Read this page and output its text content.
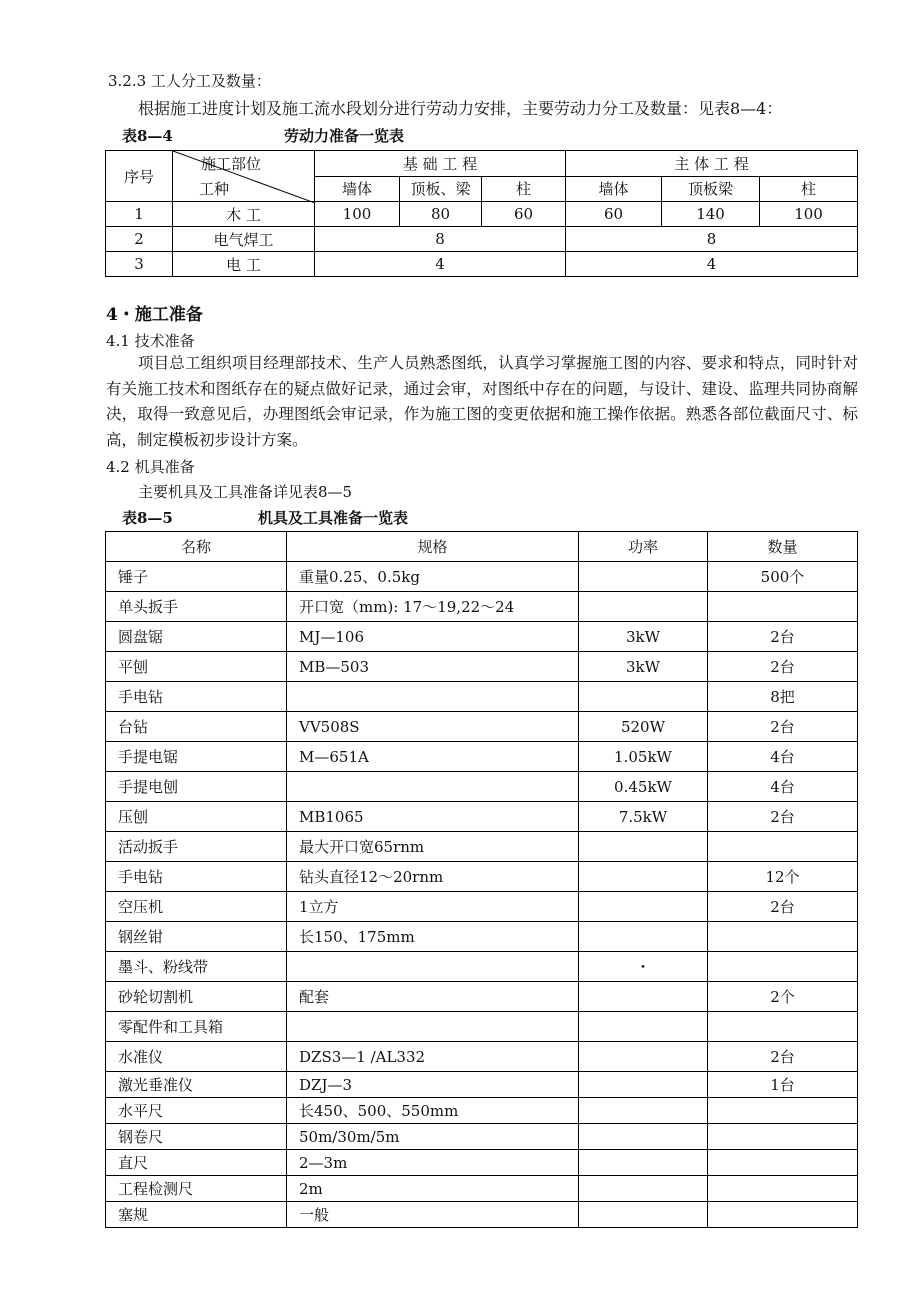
3.2.3 工人分工及数量：
根据施工进度计划及施工流水段划分进行劳动力安排，主要劳动力分工及数量：见表8—4：
表8—4	劳动力准备一览表
序号	施工部位
工种	基 础 工 程			主 体 工 程		
		墙体	顶板、梁	柱	墙体	顶板梁	柱
1	木 工	100	80	60	60	140	100
2	电气焊工	8			8		
3	电 工	4			4		
4・施工准备
4.1 技术准备
项目总工组织项目经理部技术、生产人员熟悉图纸，认真学习掌握施工图的内容、要求和特点，同时针对有关施工技术和图纸存在的疑点做好记录，通过会审，对图纸中存在的问题，与设计、建设、监理共同协商解决，取得一致意见后，办理图纸会审记录，作为施工图的变更依据和施工操作依据。熟悉各部位截面尺寸、标高，制定模板初步设计方案。
4.2 机具准备
主要机具及工具准备详见表8—5
表8—5	机具及工具准备一览表
名称	规格	功率	数量
锤子	重量0.25、0.5kg		500个
单头扳手	开口宽（mm): 17～19,22～24		
圆盘锯	MJ—106	3kW	2台
平刨	MB—503	3kW	2台
手电钻			8把
台钻	VV508S	520W	2台
手提电锯	M—651A	1.05kW	4台
手提电刨		0.45kW	4台
压刨	MB1065	7.5kW	2台
活动扳手	最大开口宽65rnm		
手电钻	钻头直径12～20rnm		12个
空压机	1立方		2台
钢丝钳	长150、175mm		
墨斗、粉线带		・	
砂轮切割机	配套		2个
零配件和工具箱			
水准仪	DZS3—1 /AL332		2台
激光垂准仪	DZJ—3		1台
水平尺	长450、500、550mm		
钢卷尺	50m/30m/5m		
直尺	2—3m		
工程检测尺	2m		
塞规	一般		
